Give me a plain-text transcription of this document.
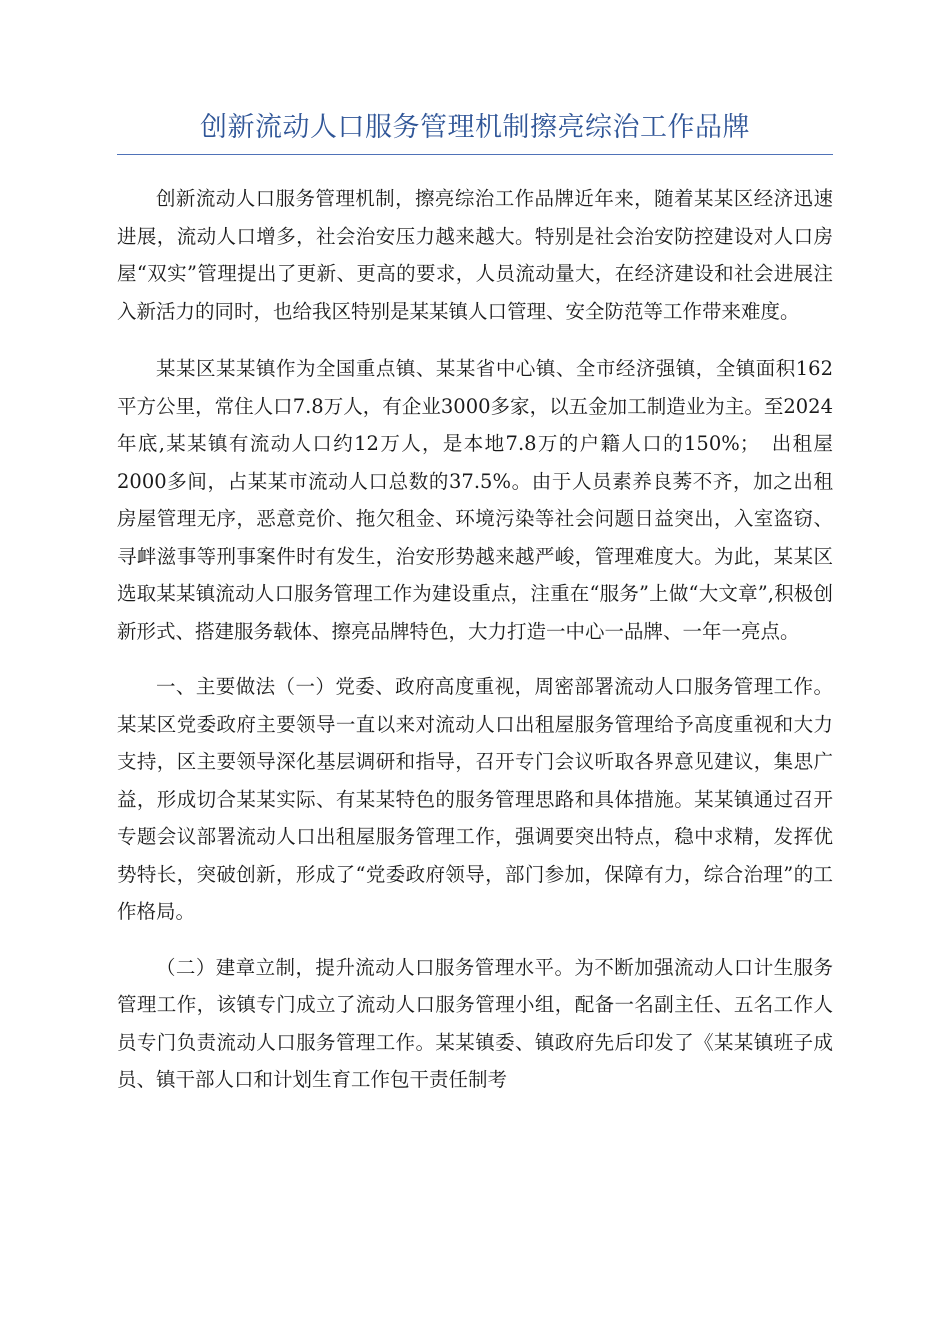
创新流动人口服务管理机制擦亮综治工作品牌

创新流动人口服务管理机制，擦亮综治工作品牌近年来，随着某某区经济迅速进展，流动人口增多，社会治安压力越来越大。特别是社会治安防控建设对人口房屋“双实”管理提出了更新、更高的要求，人员流动量大，在经济建设和社会进展注入新活力的同时，也给我区特别是某某镇人口管理、安全防范等工作带来难度。

某某区某某镇作为全国重点镇、某某省中心镇、全市经济强镇，全镇面积162平方公里，常住人口7.8万人，有企业3000多家，以五金加工制造业为主。至2024年底,某某镇有流动人口约12万人，是本地7.8万的户籍人口的150%；　出租屋2000多间，占某某市流动人口总数的37.5%。由于人员素养良莠不齐，加之出租房屋管理无序，恶意竞价、拖欠租金、环境污染等社会问题日益突出，入室盗窃、寻衅滋事等刑事案件时有发生，治安形势越来越严峻，管理难度大。为此，某某区选取某某镇流动人口服务管理工作为建设重点，注重在“服务”上做“大文章”,积极创新形式、搭建服务载体、擦亮品牌特色，大力打造一中心一品牌、一年一亮点。

一、主要做法（一）党委、政府高度重视，周密部署流动人口服务管理工作。某某区党委政府主要领导一直以来对流动人口出租屋服务管理给予高度重视和大力支持，区主要领导深化基层调研和指导，召开专门会议听取各界意见建议，集思广益，形成切合某某实际、有某某特色的服务管理思路和具体措施。某某镇通过召开专题会议部署流动人口出租屋服务管理工作，强调要突出特点，稳中求精，发挥优势特长，突破创新，形成了“党委政府领导，部门参加，保障有力，综合治理”的工作格局。

（二）建章立制，提升流动人口服务管理水平。为不断加强流动人口计生服务管理工作，该镇专门成立了流动人口服务管理小组，配备一名副主任、五名工作人员专门负责流动人口服务管理工作。某某镇委、镇政府先后印发了《某某镇班子成员、镇干部人口和计划生育工作包干责任制考
